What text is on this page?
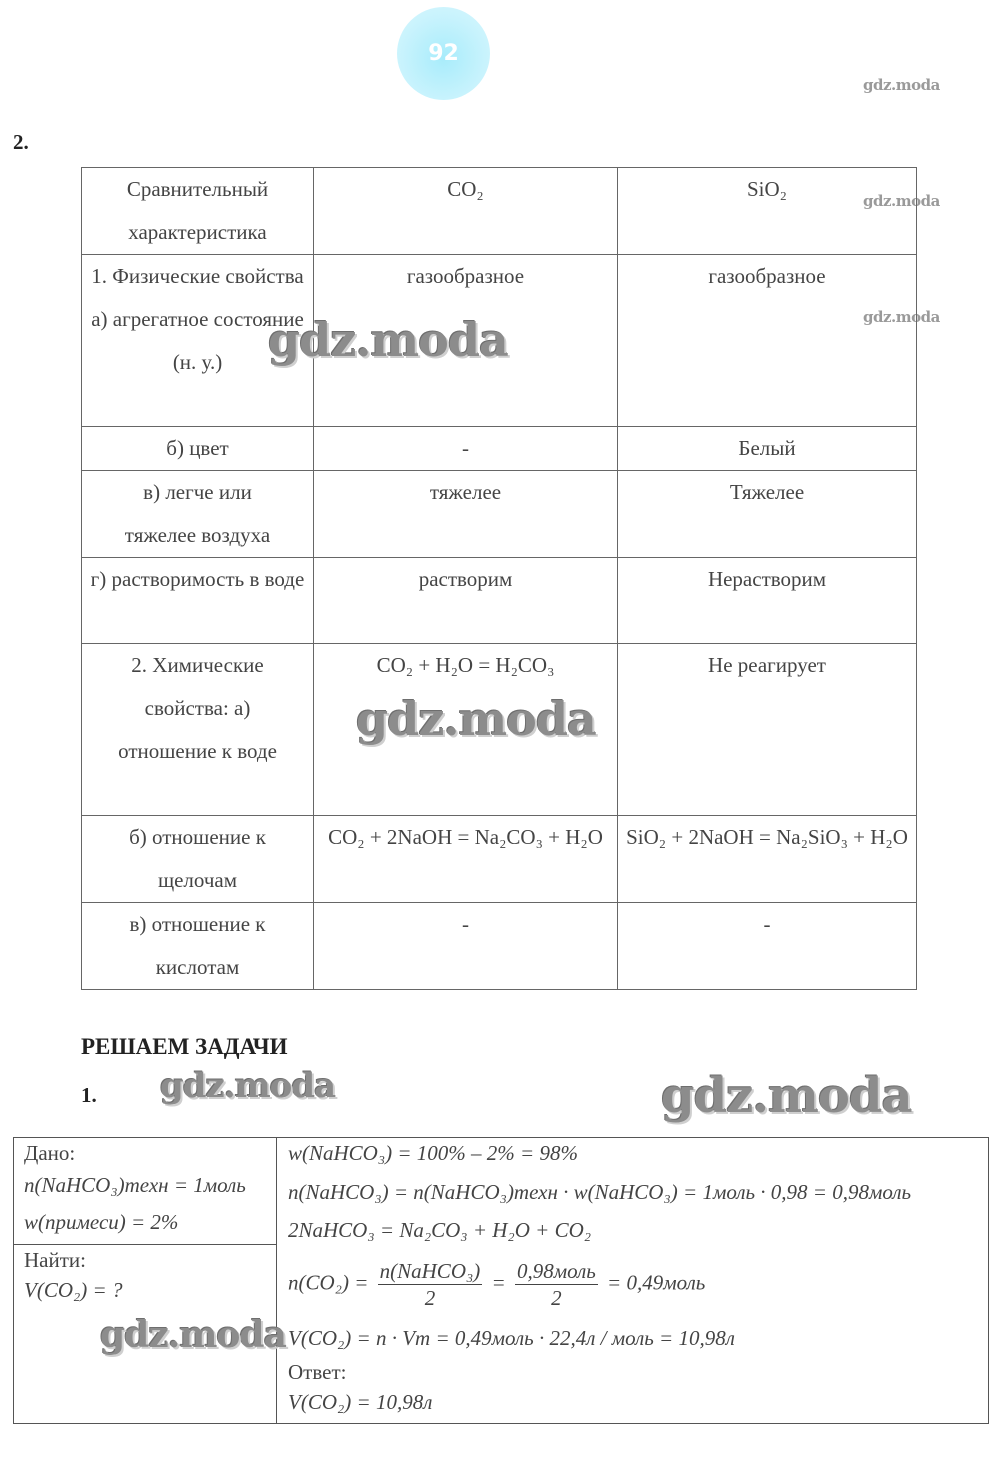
92
gdz.moda
gdz.moda
gdz.moda
2.
Сравнительный характеристика	CO₂	SiO₂
1. Физические свойства а) агрегатное состояние (н. у.)	газообразное	газообразное
б) цвет	-	Белый
в) легче или тяжелее воздуха	тяжелее	Тяжелее
г) растворимость в воде	растворим	Нерастворим
2. Химические свойства: а) отношение к воде	CO₂ + H₂O = H₂CO₃	Не реагирует
б) отношение к щелочам	CO₂ + 2NaOH = Na₂CO₃ + H₂O	SiO₂ + 2NaOH = Na₂SiO₃ + H₂O
в) отношение к кислотам	-	-
gdz.moda
gdz.moda
РЕШАЕМ ЗАДАЧИ
1. gdz.moda	gdz.moda
Дано:
n(NaHCO₃)техн = 1моль
w(примеси) = 2%
Найти:
V(CO₂) = ?
w(NaHCO₃) = 100% – 2% = 98%
n(NaHCO₃) = n(NaHCO₃)техн · w(NaHCO₃) = 1моль · 0,98 = 0,98моль
2NaHCO₃ = Na₂CO₃ + H₂O + CO₂
$n(CO_2) = \frac{\text{n(NaHCO₃)}}{2} = \frac{\text{0,98моль}}{2}$ = 0,49моль
V(CO₂) = n · Vm = 0,49моль · 22,4л / моль = 10,98л
Ответ:
V(CO₂) = 10,98л
gdz.moda
